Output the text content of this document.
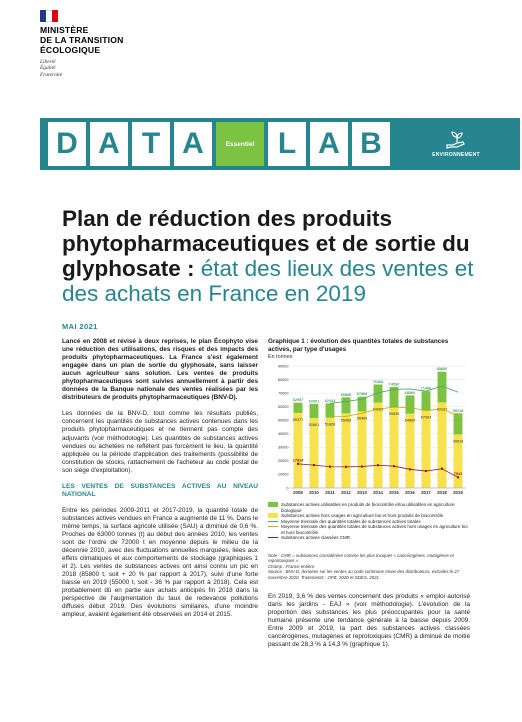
MINISTÈRE
DE LA TRANSITION
ÉCOLOGIQUE
Liberté
Égalité
Fraternité
D A T A	Essentiel L A B	ENVIRONNEMENT
Plan de réduction des produits phytopharmaceutiques et de sortie du glyphosate : état des lieux des ventes et des achats en France en 2019
MAI 2021

Lancé en 2008 et révisé à deux reprises, le plan Écophyto vise une réduction des utilisations, des risques et des impacts des produits phytopharmaceutiques. La France s'est également engagée dans un plan de sortie du glyphosate, sans laisser aucun agriculteur sans solution. Les ventes de produits phytopharmaceutiques sont suivies annuellement à partir des données de la Banque nationale des ventes réalisées par les distributeurs de produits phytopharmaceutiques (BNV-D).

Les données de la BNV-D, tout comme les résultats publiés, concernent les quantités de substances actives contenues dans les produits phytopharmaceutiques et ne tiennent pas compte des adjuvants (voir méthodologie). Les quantités de substances actives vendues ou achetées ne reflètent pas forcément le lieu, la quantité appliquée ou la période d'application des traitements (possibilité de constitution de stocks, rattachement de l'acheteur au code postal de son siège d'exploitation).

LES VENTES DE SUBSTANCES ACTIVES AU NIVEAU NATIONAL

Entre les périodes 2009-2011 et 2017-2019, la quantité totale de substances actives vendues en France a augmenté de 11 %. Dans le même temps, la surface agricole utilisée (SAU) a diminué de 0,6 %. Proches de 63000 tonnes (t) au début des années 2010, les ventes sont de l'ordre de 72000 t en moyenne depuis le milieu de la décennie 2010, avec des fluctuations annuelles marquées, liées aux effets climatiques et aux comportements de stockage (graphiques 1 et 2). Les ventes de substances actives ont ainsi connu un pic en 2018 (85800 t, soit + 20 % par rapport à 2017), suivi d'une forte baisse en 2019 (55000 t, soit - 36 % par rapport à 2018). Cela est probablement dû en partie aux achats anticipés fin 2018 dans la perspective de l'augmentation du taux de redevance pollutions diffuses début 2019. Des évolutions similaires, d'une moindre ampleur, avaient également été observées en 2014 et 2015.

Graphique 1 : évolution des quantités totales de substances actives, par type d'usages
En tonnes
0
10000
20000
30000
40000
50000
60000
70000
80000
90000
62957
55377
2009
62001
51601
2010
62434
51828
2011
66868
55068
2012
67369
56469
2013
76368
63069
2014
74530
59630
2015
68360
54860
2016
71400
57003
2017
85800
63137
2018
55118
39518
2019
17814
7912
Substances actives utilisables en produits de biocontrôle et/ou utilisables en agriculture biologique
Substances actives hors usages en agriculture bio et hors produits de biocontrôle
Moyenne triennale des quantités totales de substances actives totales
Moyenne triennale des quantités totales de substances actives hors usages en agriculture bio et hors biocontrôle
Substances actives classées CMR
Note : CMR = substances considérées comme les plus toxiques « cancérogènes, mutagènes et reprotoxiques ».
Champ : France entière.
Source : BNV-D, données sur les ventes au code commune Insee des distributeurs, extraites le 27 novembre 2020. Traitements : OFB, 2020 et SDES, 2021

En 2019, 3,6 % des ventes concernent des produits « emploi autorisé dans les jardins - EAJ » (voir méthodologie). L'évolution de la proportion des substances les plus préoccupantes pour la santé humaine présente une tendance générale à la baisse depuis 2009. Entre 2009 et 2019, la part des substances actives classées cancérogènes, mutagènes et reprotoxiques (CMR) a diminué de moitié passant de 28,3 % à 14,3 % (graphique 1).
